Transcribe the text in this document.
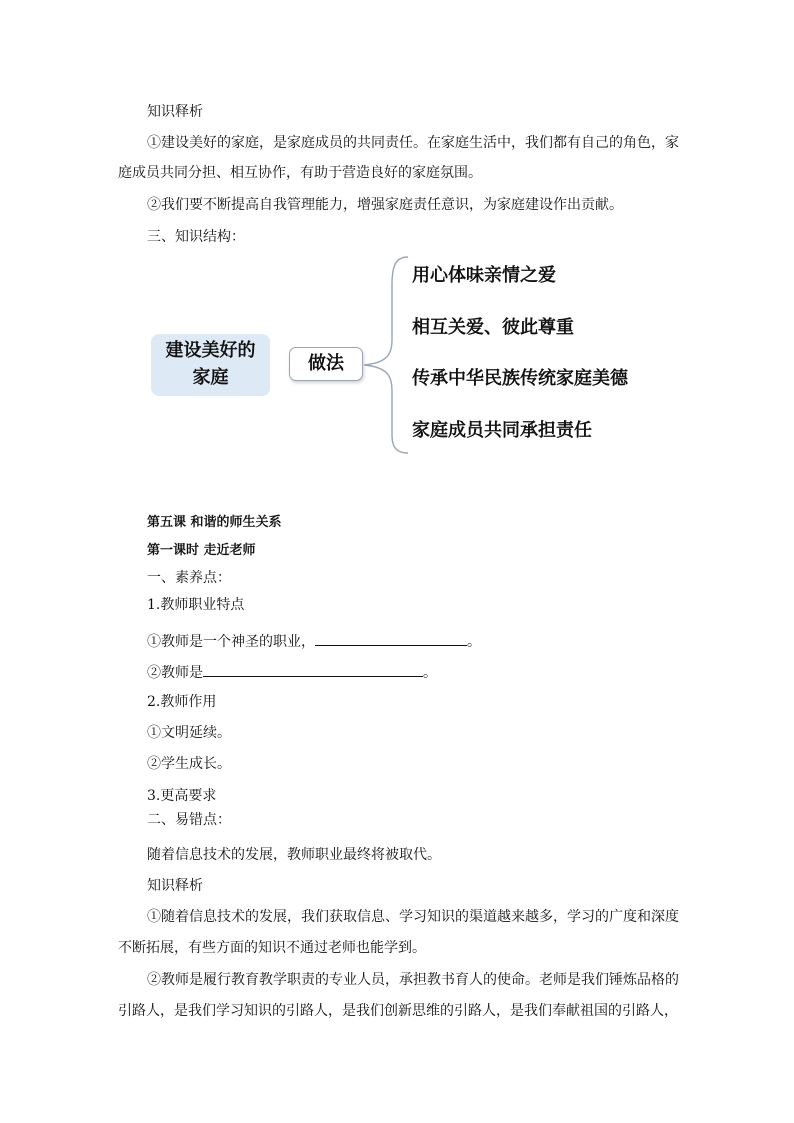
知识释析
①建设美好的家庭，是家庭成员的共同责任。在家庭生活中，我们都有自己的角色，家
庭成员共同分担、相互协作，有助于营造良好的家庭氛围。
②我们要不断提高自我管理能力，增强家庭责任意识，为家庭建设作出贡献。
三、知识结构：
建设美好的
家庭
做法
用心体味亲情之爱
相互关爱、彼此尊重
传承中华民族传统家庭美德
家庭成员共同承担责任
第五课 和谐的师生关系
第一课时 走近老师
一、素养点：
1.教师职业特点
①教师是一个神圣的职业，	。
②教师是	。
2.教师作用
①文明延续。
②学生成长。
3.更高要求
二、易错点：
随着信息技术的发展，教师职业最终将被取代。
知识释析
①随着信息技术的发展，我们获取信息、学习知识的渠道越来越多，学习的广度和深度
不断拓展，有些方面的知识不通过老师也能学到。
②教师是履行教育教学职责的专业人员，承担教书育人的使命。老师是我们锤炼品格的
引路人，是我们学习知识的引路人，是我们创新思维的引路人，是我们奉献祖国的引路人，
